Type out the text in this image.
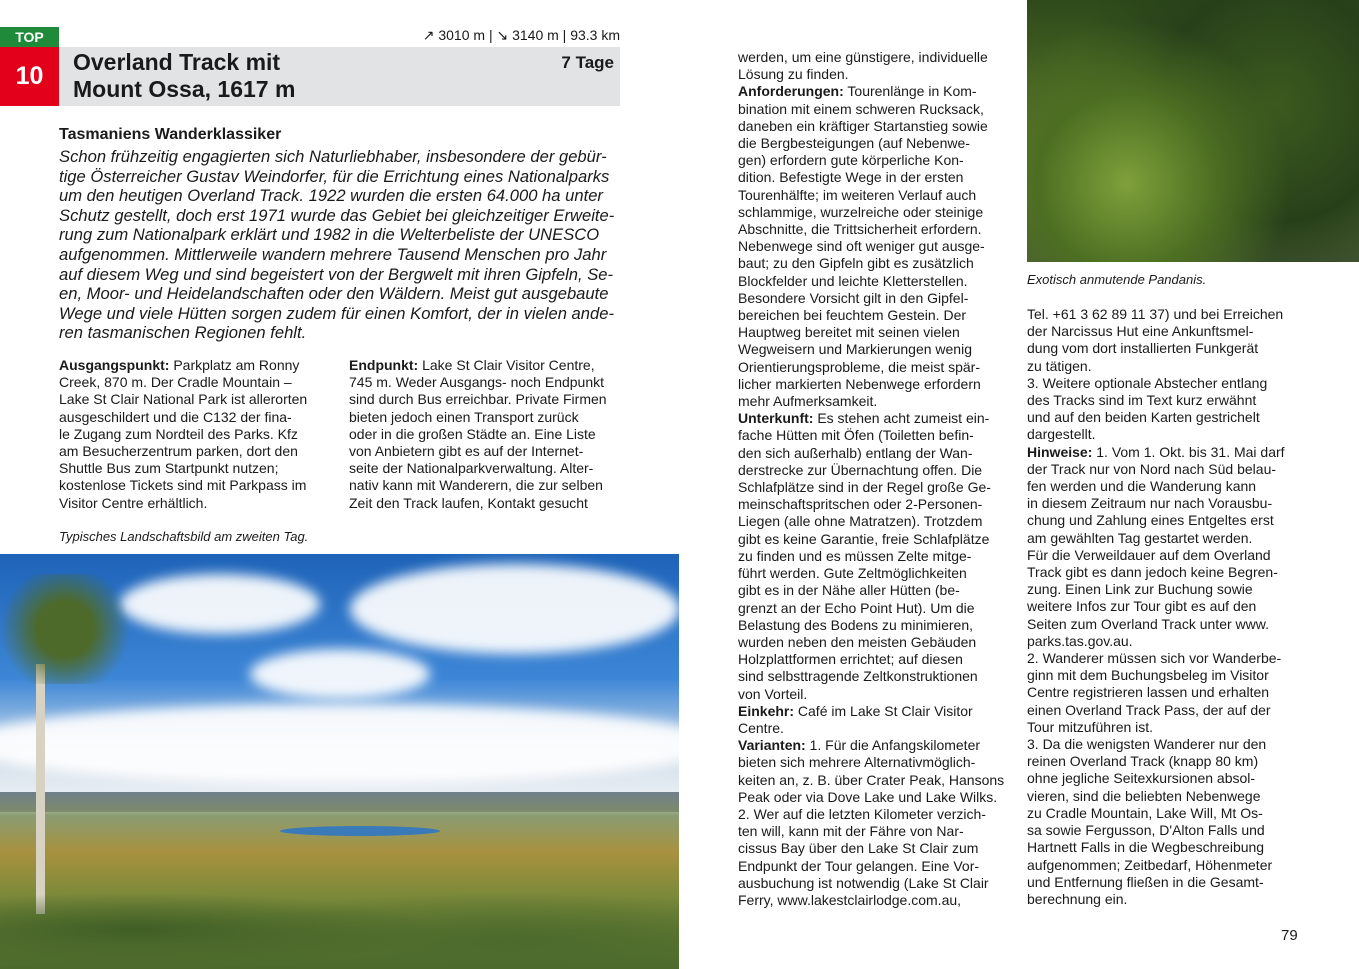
TOP
10	Overland Track mit
Mount Ossa, 1617 m
7 Tage
↗ 3010 m | ↘ 3140 m | 93.3 km
Tasmaniens Wanderklassiker
Schon frühzeitig engagierten sich Naturliebhaber, insbesondere der gebür-
tige Österreicher Gustav Weindorfer, für die Errichtung eines Nationalparks
um den heutigen Overland Track. 1922 wurden die ersten 64.000 ha unter
Schutz gestellt, doch erst 1971 wurde das Gebiet bei gleichzeitiger Erweite-
rung zum Nationalpark erklärt und 1982 in die Welterbeliste der UNESCO
aufgenommen. Mittlerweile wandern mehrere Tausend Menschen pro Jahr
auf diesem Weg und sind begeistert von der Bergwelt mit ihren Gipfeln, Se-
en, Moor- und Heidelandschaften oder den Wäldern. Meist gut ausgebaute
Wege und viele Hütten sorgen zudem für einen Komfort, der in vielen ande-
ren tasmanischen Regionen fehlt.
Ausgangspunkt: Parkplatz am Ronny
Creek, 870 m. Der Cradle Mountain –
Lake St Clair National Park ist allerorten
ausgeschildert und die C132 der fina-
le Zugang zum Nordteil des Parks. Kfz
am Besucherzentrum parken, dort den
Shuttle Bus zum Startpunkt nutzen;
kostenlose Tickets sind mit Parkpass im
Visitor Centre erhältlich.
Endpunkt: Lake St Clair Visitor Centre,
745 m. Weder Ausgangs- noch Endpunkt
sind durch Bus erreichbar. Private Firmen
bieten jedoch einen Transport zurück
oder in die großen Städte an. Eine Liste
von Anbietern gibt es auf der Internet-
seite der Nationalparkverwaltung. Alter-
nativ kann mit Wanderern, die zur selben
Zeit den Track laufen, Kontakt gesucht
Typisches Landschaftsbild am zweiten Tag.
Exotisch anmutende Pandanis.
werden, um eine günstigere, individuelle
Lösung zu finden.
Anforderungen: Tourenlänge in Kom-
bination mit einem schweren Rucksack,
daneben ein kräftiger Startanstieg sowie
die Bergbesteigungen (auf Nebenwe-
gen) erfordern gute körperliche Kon-
dition. Befestigte Wege in der ersten
Tourenhälfte; im weiteren Verlauf auch
schlammige, wurzelreiche oder steinige
Abschnitte, die Trittsicherheit erfordern.
Nebenwege sind oft weniger gut ausge-
baut; zu den Gipfeln gibt es zusätzlich
Blockfelder und leichte Kletterstellen.
Besondere Vorsicht gilt in den Gipfel-
bereichen bei feuchtem Gestein. Der
Hauptweg bereitet mit seinen vielen
Wegweisern und Markierungen wenig
Orientierungsprobleme, die meist spär-
licher markierten Nebenwege erfordern
mehr Aufmerksamkeit.
Unterkunft: Es stehen acht zumeist ein-
fache Hütten mit Öfen (Toiletten befin-
den sich außerhalb) entlang der Wan-
derstrecke zur Übernachtung offen. Die
Schlafplätze sind in der Regel große Ge-
meinschaftspritschen oder 2-Personen-
Liegen (alle ohne Matratzen). Trotzdem
gibt es keine Garantie, freie Schlafplätze
zu finden und es müssen Zelte mitge-
führt werden. Gute Zeltmöglichkeiten
gibt es in der Nähe aller Hütten (be-
grenzt an der Echo Point Hut). Um die
Belastung des Bodens zu minimieren,
wurden neben den meisten Gebäuden
Holzplattformen errichtet; auf diesen
sind selbsttragende Zeltkonstruktionen
von Vorteil.
Einkehr: Café im Lake St Clair Visitor
Centre.
Varianten: 1. Für die Anfangskilometer
bieten sich mehrere Alternativmöglich-
keiten an, z. B. über Crater Peak, Hansons
Peak oder via Dove Lake und Lake Wilks.
2. Wer auf die letzten Kilometer verzich-
ten will, kann mit der Fähre von Nar-
cissus Bay über den Lake St Clair zum
Endpunkt der Tour gelangen. Eine Vor-
ausbuchung ist notwendig (Lake St Clair
Ferry, www.lakestclairlodge.com.au,
Tel. +61 3 62 89 11 37) und bei Erreichen
der Narcissus Hut eine Ankunftsmel-
dung vom dort installierten Funkgerät
zu tätigen.
3. Weitere optionale Abstecher entlang
des Tracks sind im Text kurz erwähnt
und auf den beiden Karten gestrichelt
dargestellt.
Hinweise: 1. Vom 1. Okt. bis 31. Mai darf
der Track nur von Nord nach Süd belau-
fen werden und die Wanderung kann
in diesem Zeitraum nur nach Vorausbu-
chung und Zahlung eines Entgeltes erst
am gewählten Tag gestartet werden.
Für die Verweildauer auf dem Overland
Track gibt es dann jedoch keine Begren-
zung. Einen Link zur Buchung sowie
weitere Infos zur Tour gibt es auf den
Seiten zum Overland Track unter www.
parks.tas.gov.au.
2. Wanderer müssen sich vor Wanderbe-
ginn mit dem Buchungsbeleg im Visitor
Centre registrieren lassen und erhalten
einen Overland Track Pass, der auf der
Tour mitzuführen ist.
3. Da die wenigsten Wanderer nur den
reinen Overland Track (knapp 80 km)
ohne jegliche Seitexkursionen absol-
vieren, sind die beliebten Nebenwege
zu Cradle Mountain, Lake Will, Mt Os-
sa sowie Fergusson, D'Alton Falls und
Hartnett Falls in die Wegbeschreibung
aufgenommen; Zeitbedarf, Höhenmeter
und Entfernung fließen in die Gesamt-
berechnung ein.
79
